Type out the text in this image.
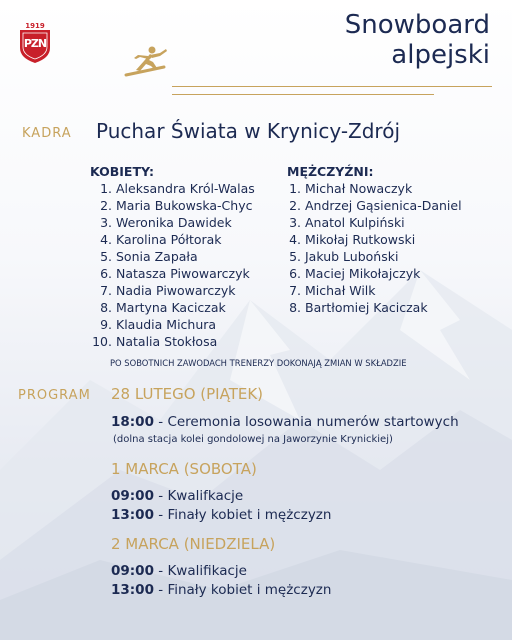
1919
PZN
Snowboard
alpejski
KADRA Puchar Świata w Krynicy-Zdrój
KOBIETY:
1. Aleksandra Król-Walas
2. Maria Bukowska-Chyc
3. Weronika Dawidek
4. Karolina Półtorak
5. Sonia Zapała
6. Natasza Piwowarczyk
7. Nadia Piwowarczyk
8. Martyna Kaciczak
9. Klaudia Michura
10. Natalia Stokłosa
MĘŻCZYŹNI:
1. Michał Nowaczyk
2. Andrzej Gąsienica-Daniel
3. Anatol Kulpiński
4. Mikołaj Rutkowski
5. Jakub Luboński
6. Maciej Mikołajczyk
7. Michał Wilk
8. Bartłomiej Kaciczak
PO SOBOTNICH ZAWODACH TRENERZY DOKONAJĄ ZMIAN W SKŁADZIE
PROGRAM 28 LUTEGO (PIĄTEK)
18:00 - Ceremonia losowania numerów startowych
(dolna stacja kolei gondolowej na Jaworzynie Krynickiej)
1 MARCA (SOBOTA)
09:00 - Kwalifkacje
13:00 - Finały kobiet i mężczyzn
2 MARCA (NIEDZIELA)
09:00 - Kwalifikacje
13:00 - Finały kobiet i mężczyzn
